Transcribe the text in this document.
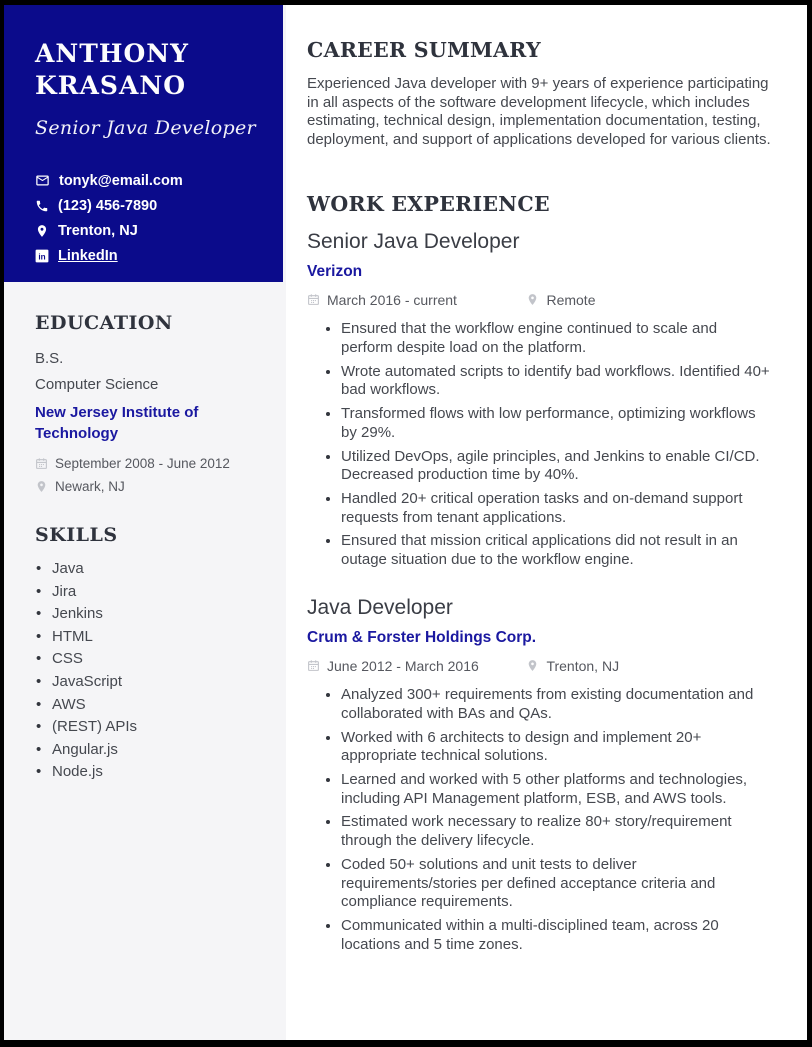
ANTHONY
KRASANO
Senior Java Developer
tonyk@email.com
(123) 456-7890
Trenton, NJ
in LinkedIn
EDUCATION
B.S.
Computer Science
New Jersey Institute of Technology
September 2008 - June 2012
Newark, NJ
SKILLS
• Java
• Jira
• Jenkins
• HTML
• CSS
• JavaScript
• AWS
• (REST) APIs
• Angular.js
• Node.js
CAREER SUMMARY

Experienced Java developer with 9+ years of experience participating in all aspects of the software development lifecycle, which includes estimating, technical design, implementation documentation, testing, deployment, and support of applications developed for various clients.

WORK EXPERIENCE
Senior Java Developer
Verizon
March 2016 - current
	Remote
• Ensured that the workflow engine continued to scale and perform despite load on the platform.
• Wrote automated scripts to identify bad workflows. Identified 40+ bad workflows.
• Transformed flows with low performance, optimizing workflows by 29%.
• Utilized DevOps, agile principles, and Jenkins to enable CI/CD. Decreased production time by 40%.
• Handled 20+ critical operation tasks and on-demand support requests from tenant applications.
• Ensured that mission critical applications did not result in an outage situation due to the workflow engine.
Java Developer
Crum & Forster Holdings Corp.
June 2012 - March 2016
	Trenton, NJ
• Analyzed 300+ requirements from existing documentation and collaborated with BAs and QAs.
• Worked with 6 architects to design and implement 20+ appropriate technical solutions.
• Learned and worked with 5 other platforms and technologies, including API Management platform, ESB, and AWS tools.
• Estimated work necessary to realize 80+ story/requirement through the delivery lifecycle.
• Coded 50+ solutions and unit tests to deliver requirements/stories per defined acceptance criteria and compliance requirements.
• Communicated within a multi-disciplined team, across 20 locations and 5 time zones.
